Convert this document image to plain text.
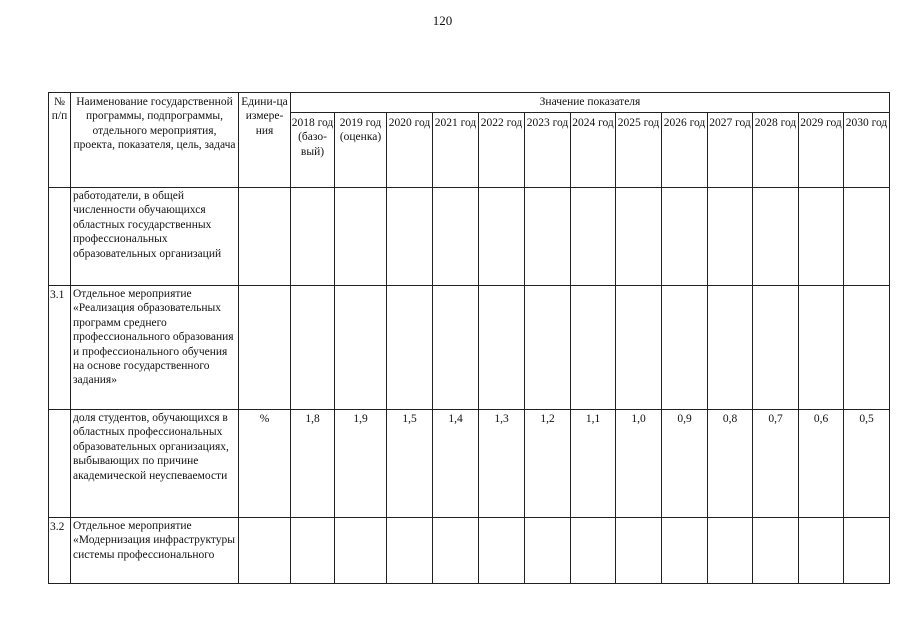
120
№ п/п	Наименование государственной программы, подпрограммы, отдельного мероприятия, проекта, показателя, цель, задача	Едини-ца измере-ния	Значение показателя												
			2018 год (базо-вый)	2019 год (оценка)	2020 год	2021 год	2022 год	2023 год	2024 год	2025 год	2026 год	2027 год	2028 год	2029 год	2030 год
	работодатели, в общей численности обучающихся областных государственных профессиональных образовательных организаций														
3.1	Отдельное мероприятие «Реализация образовательных программ среднего профессионального образования и профессионального обучения на основе государственного задания»														
	доля студентов, обучающихся в областных профессиональных образовательных организациях, выбывающих по причине академической неуспеваемости	%	1,8	1,9	1,5	1,4	1,3	1,2	1,1	1,0	0,9	0,8	0,7	0,6	0,5
3.2	Отдельное мероприятие «Модернизация инфраструктуры системы профессионального														
